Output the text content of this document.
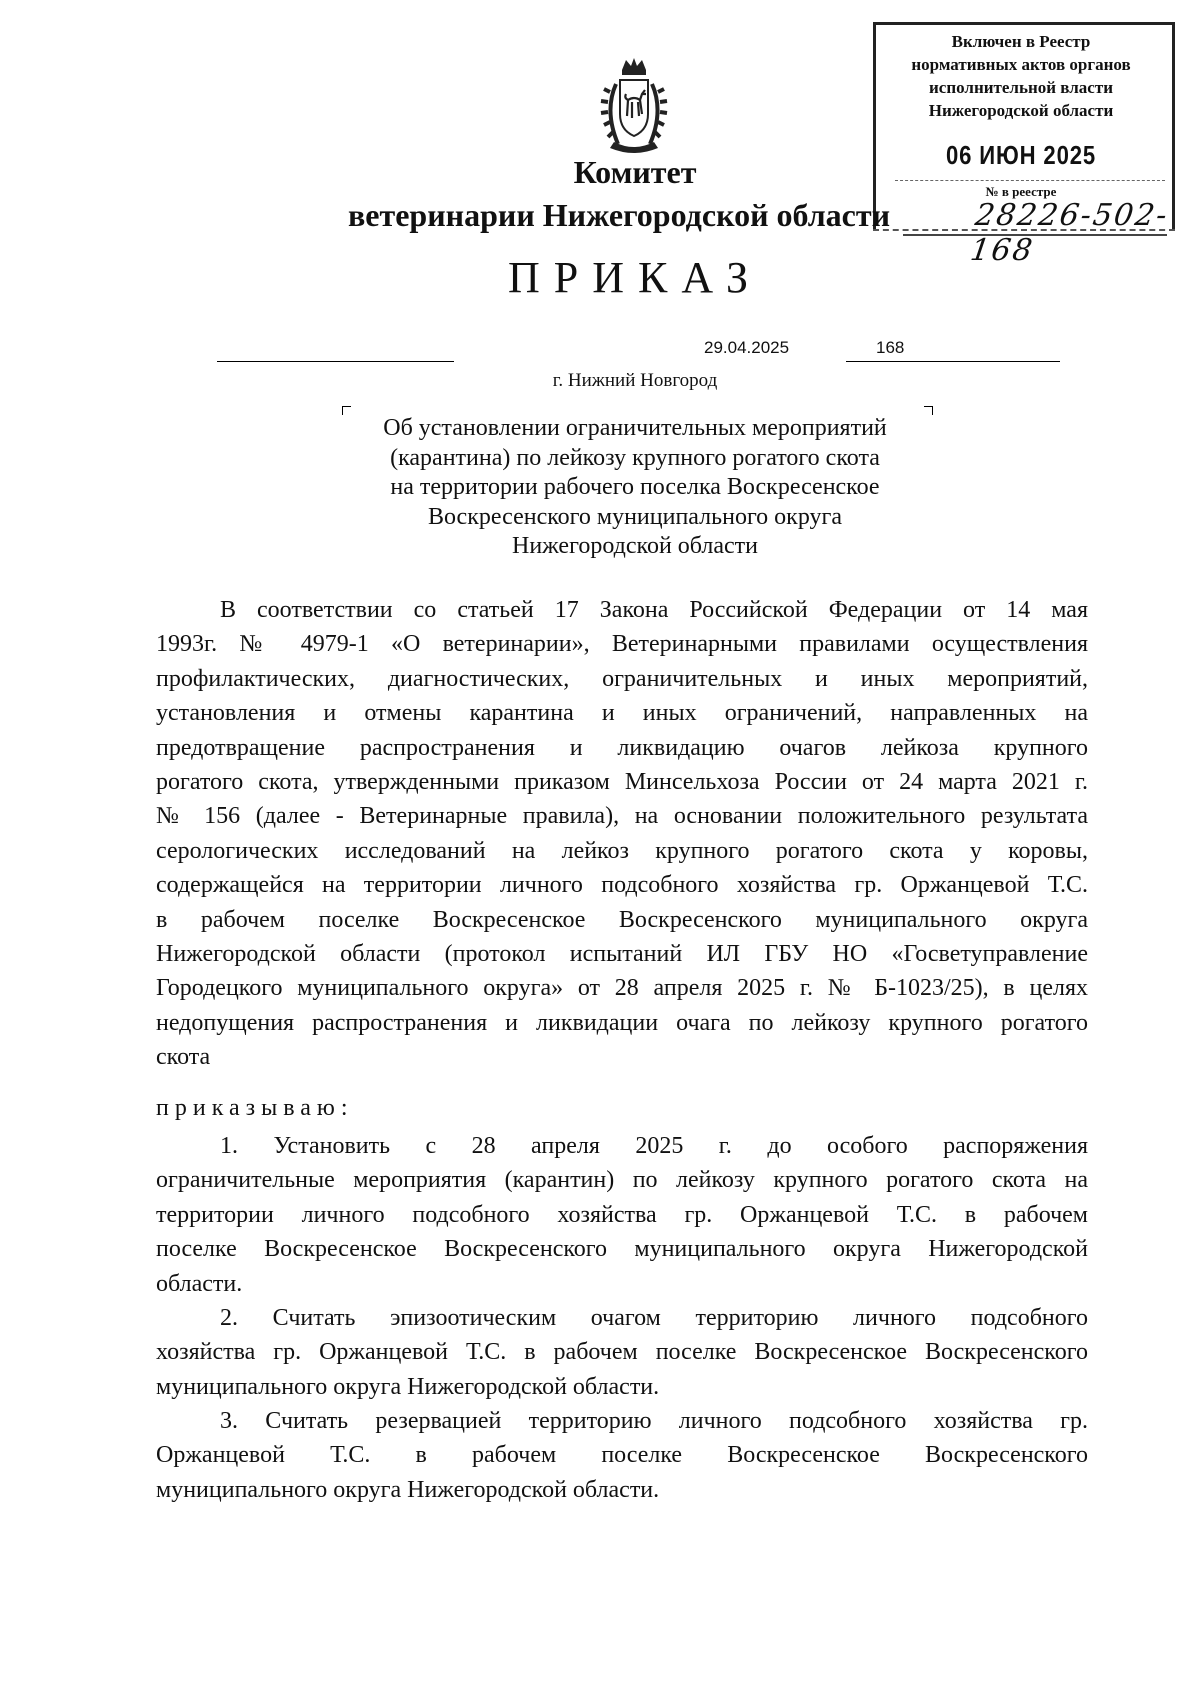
Включен в Реестр
нормативных актов органов
исполнительной власти
Нижегородской области
06 ИЮН 2025
№ в реестре
28226-502-168
Комитет
ветеринарии Нижегородской области
ПРИКАЗ
29.04.2025	168
г. Нижний Новгород
Об установлении ограничительных мероприятий
(карантина) по лейкозу крупного рогатого скота
на территории рабочего поселка Воскресенское
Воскресенского муниципального округа
Нижегородской области
В соответствии со статьей 17 Закона Российской Федерации от 14 мая
1993г. № 4979-1 «О ветеринарии», Ветеринарными правилами осуществления
профилактических, диагностических, ограничительных и иных мероприятий,
установления и отмены карантина и иных ограничений, направленных на
предотвращение распространения и ликвидацию очагов лейкоза крупного
рогатого скота, утвержденными приказом Минсельхоза России от 24 марта 2021 г.
№ 156 (далее - Ветеринарные правила), на основании положительного результата
серологических исследований на лейкоз крупного рогатого скота у коровы,
содержащейся на территории личного подсобного хозяйства гр. Оржанцевой Т.С.
в рабочем поселке Воскресенское Воскресенского муниципального округа
Нижегородской области (протокол испытаний ИЛ ГБУ НО «Госветуправление
Городецкого муниципального округа» от 28 апреля 2025 г. № Б-1023/25), в целях
недопущения распространения и ликвидации очага по лейкозу крупного рогатого
скота
приказываю:
1. Установить с 28 апреля 2025 г. до особого распоряжения
ограничительные мероприятия (карантин) по лейкозу крупного рогатого скота на
территории личного подсобного хозяйства гр. Оржанцевой Т.С. в рабочем
поселке Воскресенское Воскресенского муниципального округа Нижегородской
области.
2. Считать эпизоотическим очагом территорию личного подсобного
хозяйства гр. Оржанцевой Т.С. в рабочем поселке Воскресенское Воскресенского
муниципального округа Нижегородской области.
3. Считать резервацией территорию личного подсобного хозяйства гр.
Оржанцевой Т.С. в рабочем поселке Воскресенское Воскресенского
муниципального округа Нижегородской области.
